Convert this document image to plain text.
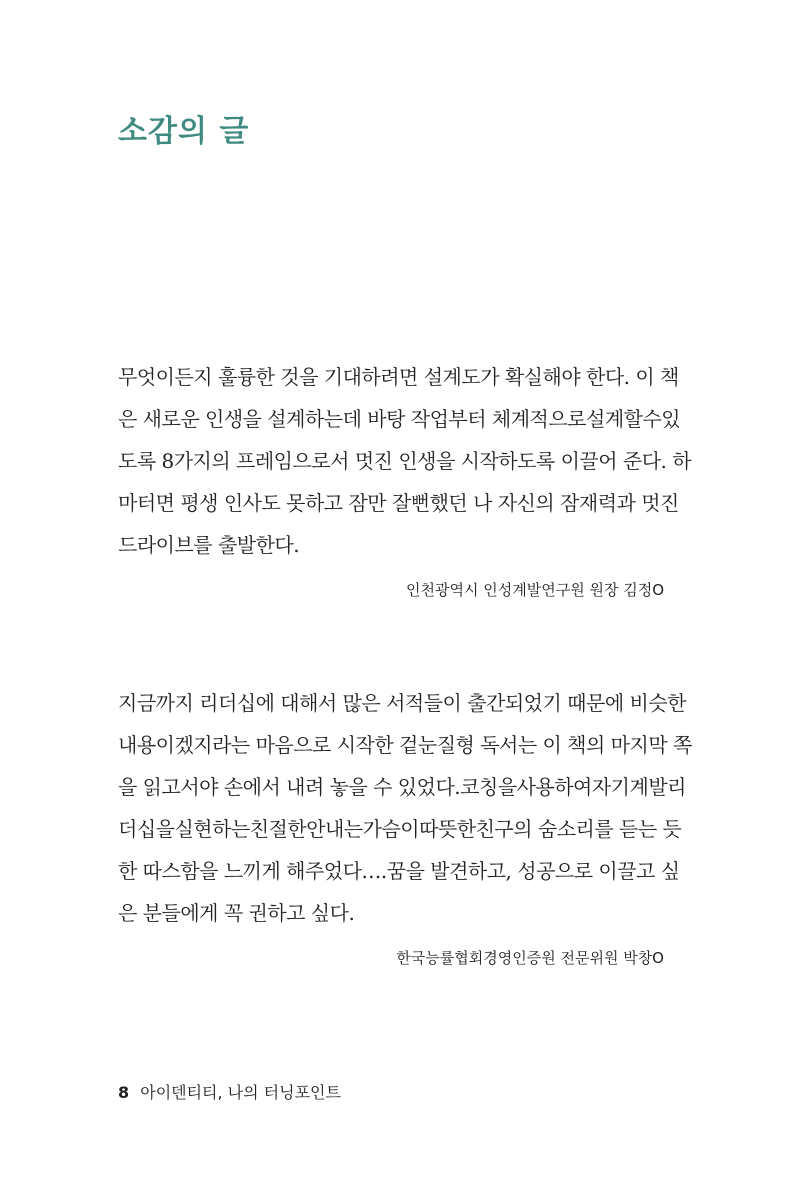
소감의 글
무엇이든지 훌륭한 것을 기대하려면 설계도가 확실해야 한다. 이 책
은 새로운 인생을 설계하는데 바탕 작업부터 체계적으로설계할수있
도록 8가지의 프레임으로서 멋진 인생을 시작하도록 이끌어 준다. 하
마터면 평생 인사도 못하고 잠만 잘뻔했던 나 자신의 잠재력과 멋진
드라이브를 출발한다.
인천광역시 인성계발연구원 원장 김정O
지금까지 리더십에 대해서 많은 서적들이 출간되었기 때문에 비슷한
내용이겠지라는 마음으로 시작한 겉눈질형 독서는 이 책의 마지막 쪽
을 읽고서야 손에서 내려 놓을 수 있었다.코칭을사용하여자기계발리
더십을실현하는친절한안내는가슴이따뜻한친구의 숨소리를 듣는 듯
한 따스함을 느끼게 해주었다….꿈을 발견하고, 성공으로 이끌고 싶
은 분들에게 꼭 권하고 싶다.
한국능률협회경영인증원 전문위원 박창O
8 아이덴티티, 나의 터닝포인트
